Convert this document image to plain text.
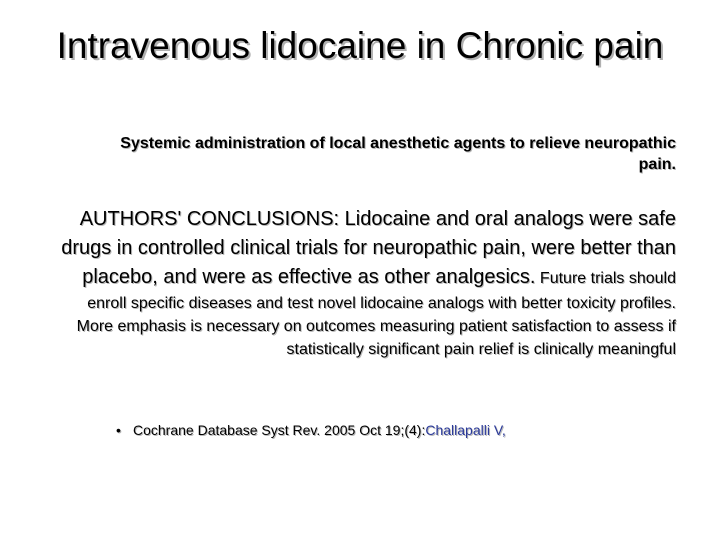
Intravenous lidocaine in Chronic pain
Systemic administration of local anesthetic agents to relieve neuropathic pain.
AUTHORS' CONCLUSIONS: Lidocaine and oral analogs were safe drugs in controlled clinical trials for neuropathic pain, were better than placebo, and were as effective as other analgesics. Future trials should enroll specific diseases and test novel lidocaine analogs with better toxicity profiles. More emphasis is necessary on outcomes measuring patient satisfaction to assess if statistically significant pain relief is clinically meaningful
• Cochrane Database Syst Rev. 2005 Oct 19;(4):Challapalli V,
